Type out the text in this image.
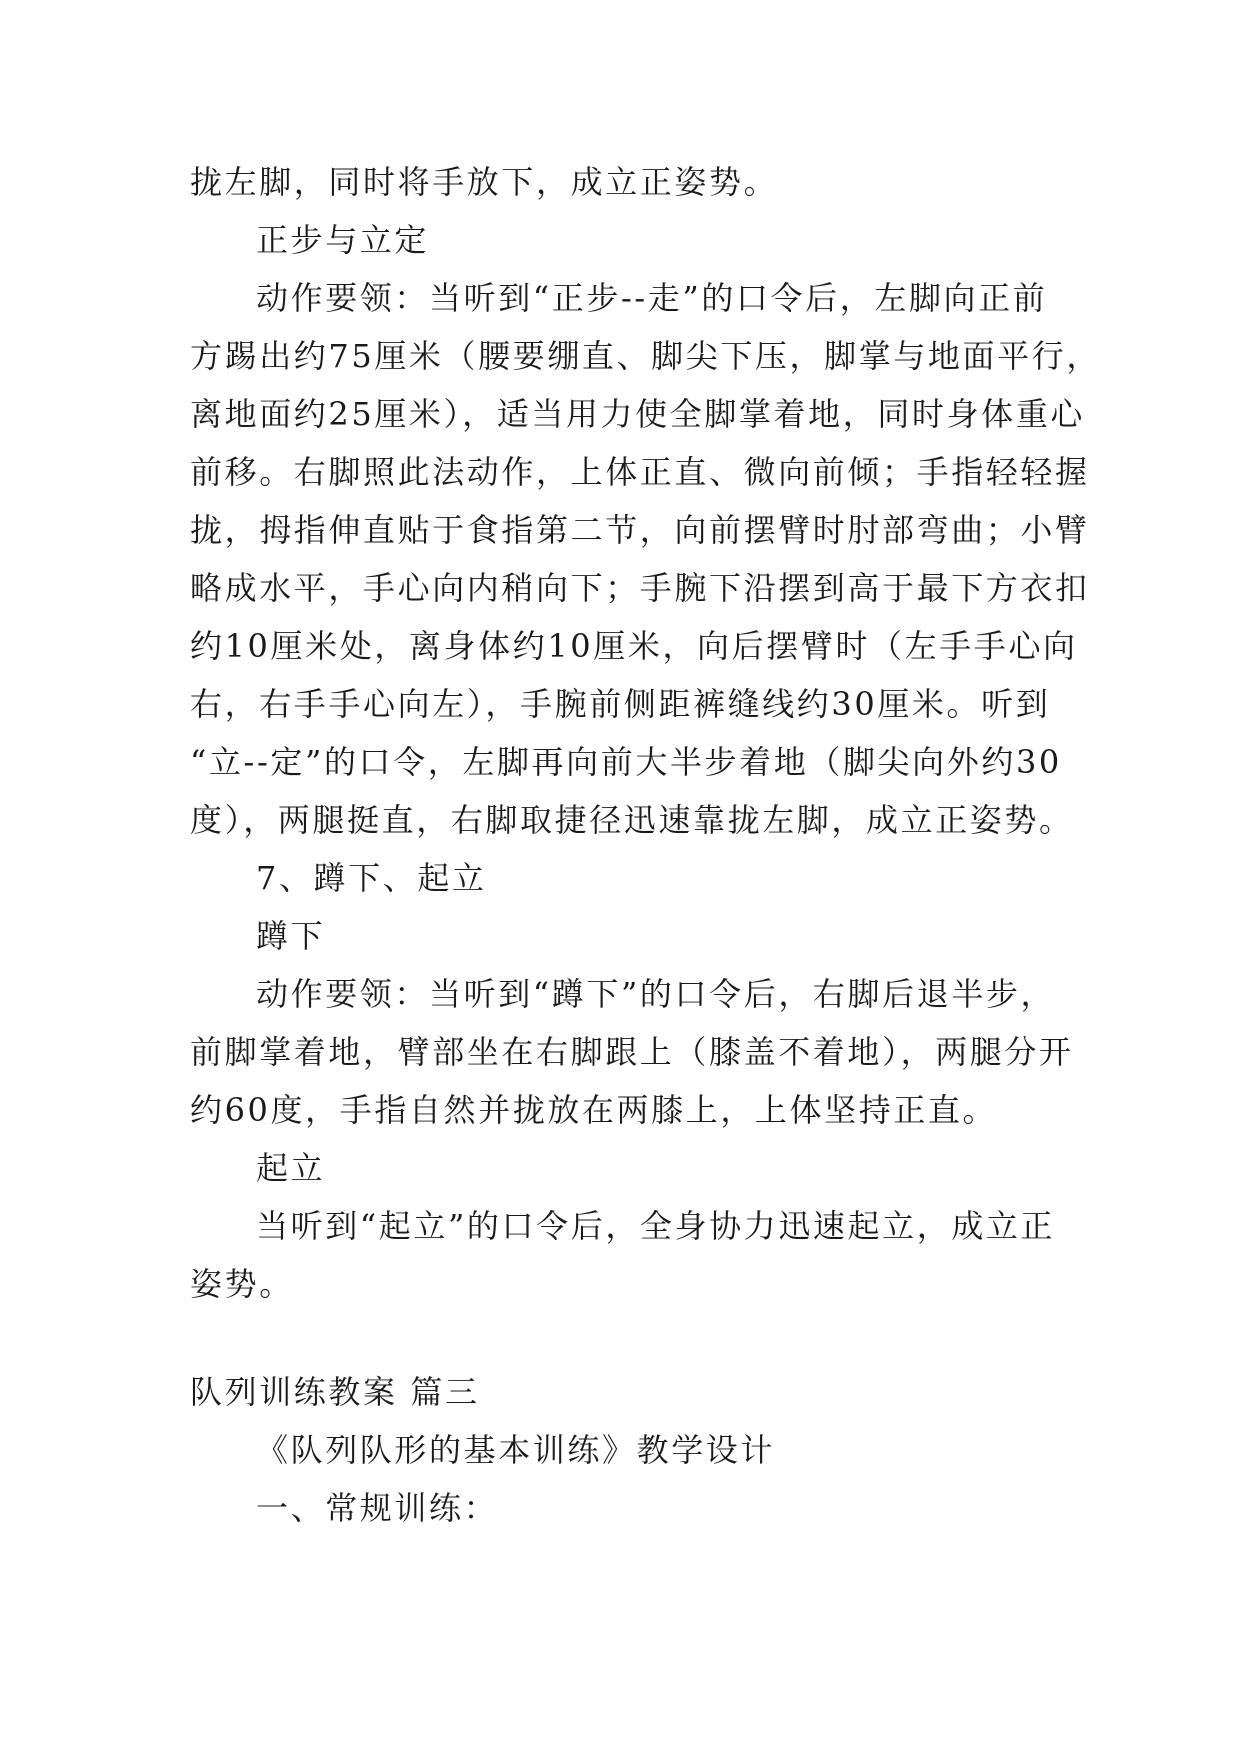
拢左脚，同时将手放下，成立正姿势。
正步与立定
动作要领：当听到“正步--走”的口令后，左脚向正前
方踢出约75厘米（腰要绷直、脚尖下压，脚掌与地面平行，
离地面约25厘米），适当用力使全脚掌着地，同时身体重心
前移。右脚照此法动作，上体正直、微向前倾；手指轻轻握
拢，拇指伸直贴于食指第二节，向前摆臂时肘部弯曲；小臂
略成水平，手心向内稍向下；手腕下沿摆到高于最下方衣扣
约10厘米处，离身体约10厘米，向后摆臂时（左手手心向
右，右手手心向左），手腕前侧距裤缝线约30厘米。听到
“立--定”的口令，左脚再向前大半步着地（脚尖向外约30
度），两腿挺直，右脚取捷径迅速靠拢左脚，成立正姿势。
7、蹲下、起立
蹲下
动作要领：当听到“蹲下”的口令后，右脚后退半步，
前脚掌着地，臂部坐在右脚跟上（膝盖不着地），两腿分开
约60度，手指自然并拢放在两膝上，上体坚持正直。
起立
当听到“起立”的口令后，全身协力迅速起立，成立正
姿势。
队列训练教案 篇三
《队列队形的基本训练》教学设计
一、常规训练：
